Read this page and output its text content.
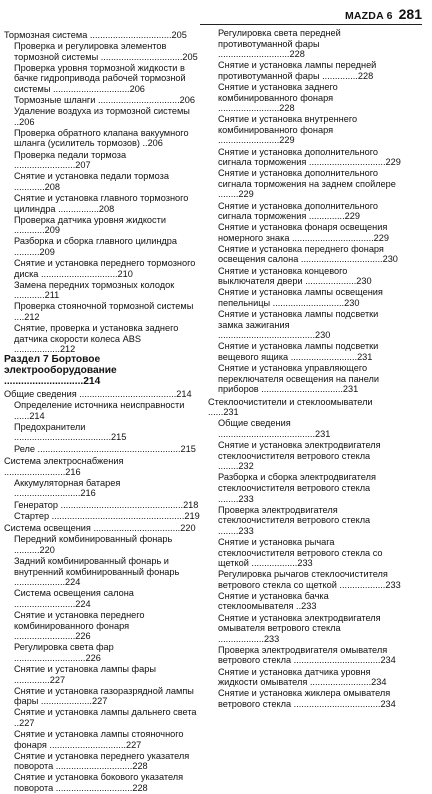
MAZDA 6 281
Тормозная система ................................205
Проверка и регулировка элементов тормозной системы ................................205
Проверка уровня тормозной жидкости в бачке гидропривода рабочей тормозной системы ..............................206
Тормозные шланги ................................206
Удаление воздуха из тормозной системы ..206
Проверка обратного клапана вакуумного шланга (усилитель тормозов) ..206
Проверка педали тормоза ........................207
Снятие и установка педали тормоза ............208
Снятие и установка главного тормозного цилиндра ................208
Проверка датчика уровня жидкости ............209
Разборка и сборка главного цилиндра ..........209
Снятие и установка переднего тормозного диска ..............................210
Замена передних тормозных колодок ............211
Проверка стояночной тормозной системы ....212
Снятие, проверка и установка заднего датчика скорости колеса ABS ..................212
Раздел 7 Бортовое электрооборудование ............................214
Общие сведения ......................................214
Определение источника неисправности ......214
Предохранители ......................................215
Реле ........................................................215
Система электроснабжения ........................216
Аккумуляторная батарея ..........................216
Генератор ................................................218
Стартер ....................................................219
Система освещения ..................................220
Передний комбинированный фонарь ..........220
Задний комбинированный фонарь и внутренний комбинированный фонарь ....................224
Система освещения салона ........................224
Снятие и установка переднего комбинированного фонаря ........................226
Регулировка света фар ............................226
Снятие и установка лампы фары ..............227
Снятие и установка газоразрядной лампы фары ....................227
Снятие и установка лампы дальнего света ..227
Снятие и установка лампы стояночного фонаря ..............................227
Снятие и установка переднего указателя поворота ..............................228
Снятие и установка бокового указателя поворота ..............................228
Регулировка света передней противотуманной фары ............................228
Снятие и установка лампы передней противотуманной фары ..............228
Снятие и установка заднего комбинированного фонаря ........................228
Снятие и установка внутреннего комбинированного фонаря ........................229
Снятие и установка дополнительного сигнала торможения ..............................229
Снятие и установка дополнительного сигнала торможения на заднем спойлере ........229
Снятие и установка дополнительного сигнала торможения ..............229
Снятие и установка фонаря освещения номерного знака ................................229
Снятие и установка переднего фонаря освещения салона ................................230
Снятие и установка концевого выключателя двери ....................230
Снятие и установка лампы освещения пепельницы ............................230
Снятие и установка лампы подсветки замка зажигания ......................................230
Снятие и установка лампы подсветки вещевого ящика ..........................231
Снятие и установка управляющего переключателя освещения на панели приборов ................................231
Стеклоочистители и стеклоомыватели ......231
Общие сведения ......................................231
Снятие и установка электродвигателя стеклоочистителя ветрового стекла ........232
Разборка и сборка электродвигателя стеклоочистителя ветрового стекла ........233
Проверка электродвигателя стеклоочистителя ветрового стекла ........233
Снятие и установка рычага стеклоочистителя ветрового стекла со щеткой ..................233
Регулировка рычагов стеклоочистителя ветрового стекла со щеткой ..................233
Снятие и установка бачка стеклоомывателя ..233
Снятие и установка электродвигателя омывателя ветрового стекла ..................233
Проверка электродвигателя омывателя ветрового стекла ..................................234
Снятие и установка датчика уровня жидкости омывателя ........................234
Снятие и установка жиклера омывателя ветрового стекла ..................................234
